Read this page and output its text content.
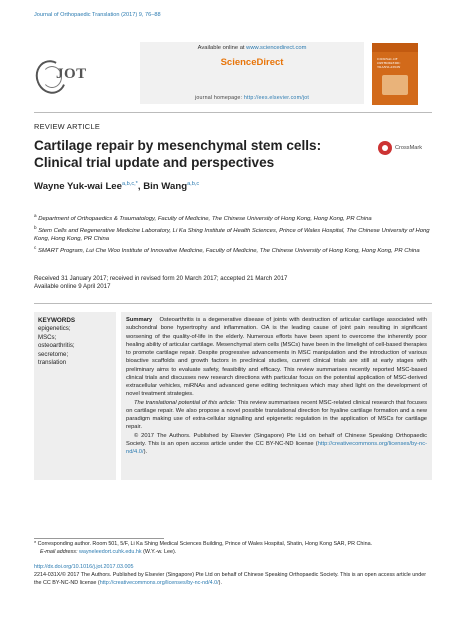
Journal of Orthopaedic Translation (2017) 9, 76–88
JOT
Available online at www.sciencedirect.com
ScienceDirect
journal homepage: http://ees.elsevier.com/jot
JOURNAL OF ORTHOPAEDIC TRANSLATION
REVIEW ARTICLE
Cartilage repair by mesenchymal stem cells:
Clinical trial update and perspectives
CrossMark
Wayne Yuk-wai Lee$^{a,b,c,*}$, Bin Wang$^{a,b,c}$

$^a$ Department of Orthopaedics & Traumatology, Faculty of Medicine, The Chinese University of Hong Kong, Hong Kong, PR China

$^b$ Stem Cells and Regenerative Medicine Laboratory, Li Ka Shing Institute of Health Sciences, Prince of Wales Hospital, The Chinese University of Hong Kong, Hong Kong, PR China

$^c$ SMART Program, Lui Che Woo Institute of Innovative Medicine, Faculty of Medicine, The Chinese University of Hong Kong, Hong Kong, PR China

Received 31 January 2017; received in revised form 20 March 2017; accepted 21 March 2017
Available online 9 April 2017
KEYWORDS
epigenetics;
MSCs;
osteoarthritis;
secretome;
translation

Summary Osteoarthritis is a degenerative disease of joints with destruction of articular cartilage associated with subchondral bone hypertrophy and inflammation. OA is the leading cause of joint pain resulting in significant worsening of the quality-of-life in the elderly. Numerous efforts have been spent to overcome the inherently poor healing ability of articular cartilage. Mesenchymal stem cells (MSCs) have been in the limelight of cell-based therapies to promote cartilage repair. Despite progressive advancements in MSC manipulation and the introduction of various bioactive scaffolds and growth factors in preclinical studies, current clinical trials are still at early stages with preliminary aims to evaluate safety, feasibility and efficacy. This review summarises recently reported MSC-based clinical trials and discusses new research directions with particular focus on the potential application of MSC-derived extracellular vehicles, miRNAs and advanced gene editing techniques which may shed light on the development of novel treatment strategies.

The translational potential of this article: This review summarises recent MSC-related clinical research that focuses on cartilage repair. We also propose a novel possible translational direction for hyaline cartilage formation and a new paradigm making use of extra-cellular signalling and epigenetic regulation in the application of MSCs for cartilage repair.

© 2017 The Authors. Published by Elsevier (Singapore) Pte Ltd on behalf of Chinese Speaking Orthopaedic Society. This is an open access article under the CC BY-NC-ND license (http://creativecommons.org/licenses/by-nc-nd/4.0/).

* Corresponding author. Room 501, 5/F, Li Ka Shing Medical Sciences Building, Prince of Wales Hospital, Shatin, Hong Kong SAR, PR China.
E-mail address: wayneleedort.cuhk.edu.hk (W.Y.-w. Lee).
http://dx.doi.org/10.1016/j.jot.2017.03.005
2214-031X/© 2017 The Authors. Published by Elsevier (Singapore) Pte Ltd on behalf of Chinese Speaking Orthopaedic Society. This is an open access article under the CC BY-NC-ND license (http://creativecommons.org/licenses/by-nc-nd/4.0/).
